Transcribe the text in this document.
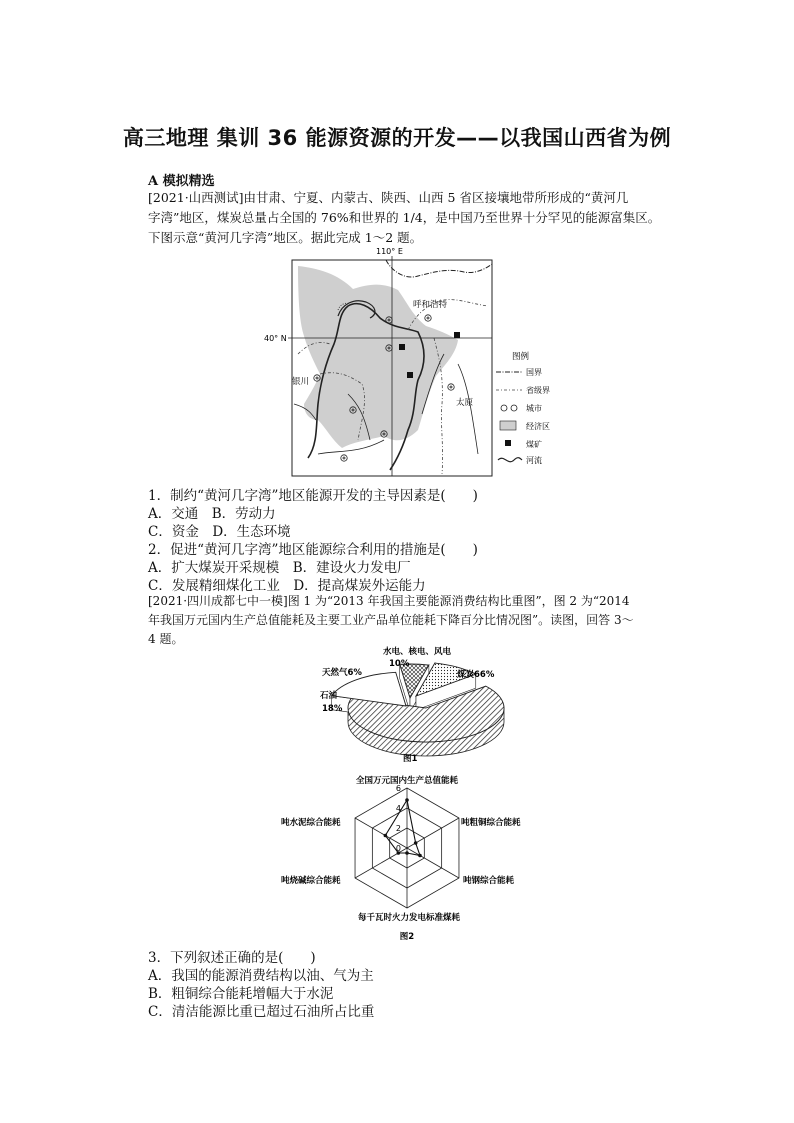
高三地理 集训 36 能源资源的开发——以我国山西省为例
A 模拟精选
[2021·山西测试]由甘肃、宁夏、内蒙古、陕西、山西 5 省区接壤地带所形成的“黄河几
字湾”地区，煤炭总量占全国的 76%和世界的 1/4，是中国乃至世界十分罕见的能源富集区。
下图示意“黄河几字湾”地区。据此完成 1～2 题。
110° E
40° N
呼和浩特
银川
太原
图例
国界
省级界
城市
经济区
煤矿
河流
1．制约“黄河几字湾”地区能源开发的主导因素是(　　)
A．交通　B．劳动力
C．资金　D．生态环境
2．促进“黄河几字湾”地区能源综合利用的措施是(　　)
A．扩大煤炭开采规模　B．建设火力发电厂
C．发展精细煤化工业　D．提高煤炭外运能力
[2021·四川成都七中一模]图 1 为“2013 年我国主要能源消费结构比重图”，图 2 为“2014
年我国万元国内生产总值能耗及主要工业产品单位能耗下降百分比情况图”。读图，回答 3～
4 题。
水电、核电、风电
10%
天然气6%	煤炭66%
石油
18%
图1
6
4
2
0
全国万元国内生产总值能耗
吨粗铜综合能耗
吨钢综合能耗
每千瓦时火力发电标准煤耗
吨烧碱综合能耗
吨水泥综合能耗
图2
3．下列叙述正确的是(　　)
A．我国的能源消费结构以油、气为主
B．粗铜综合能耗增幅大于水泥
C．清洁能源比重已超过石油所占比重
